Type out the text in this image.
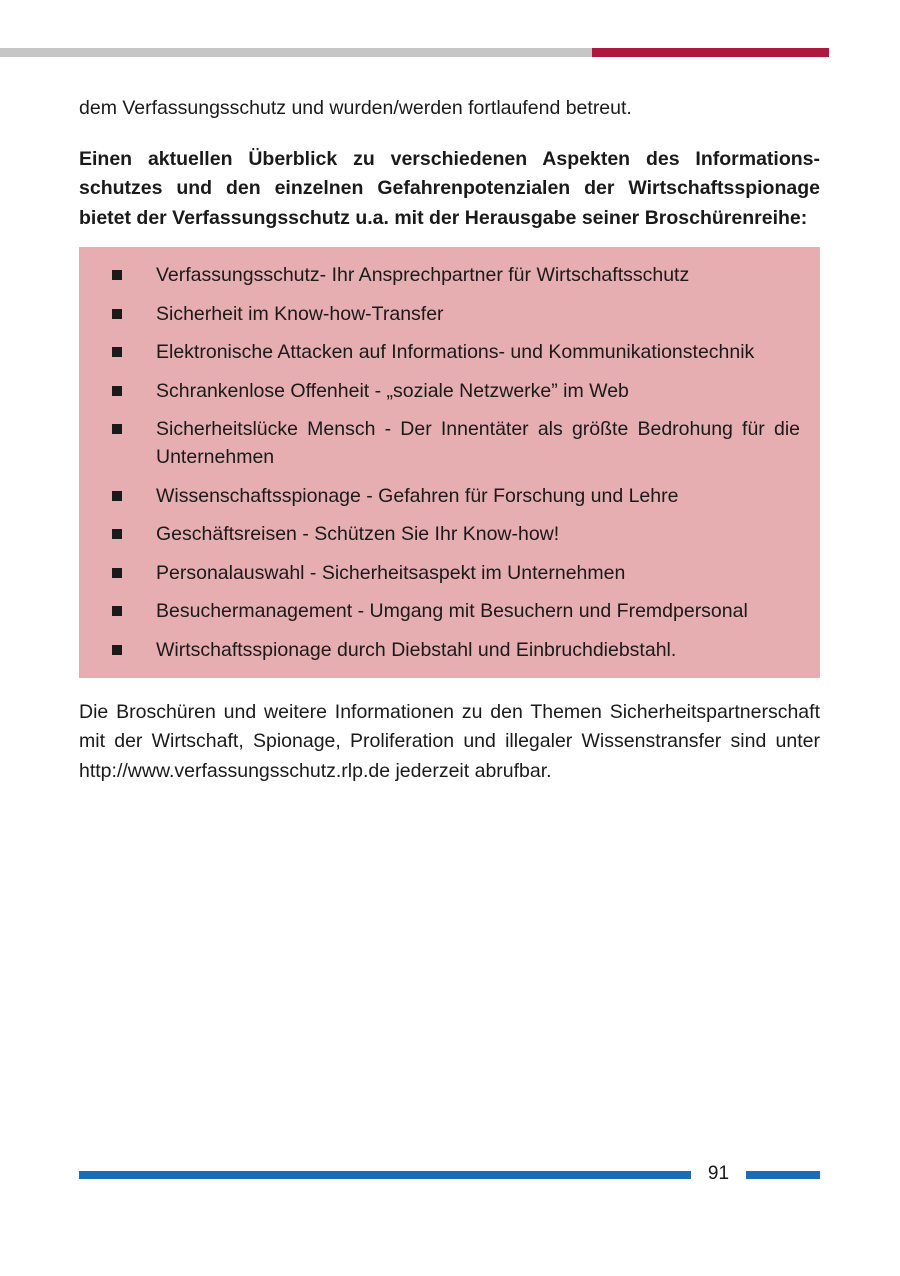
dem Verfassungsschutz und wurden/werden fortlaufend betreut.

Einen aktuellen Überblick zu verschiedenen Aspekten des Informationsschutzes und den einzelnen Gefahrenpotenzialen der Wirtschaftsspionage bietet der Verfassungsschutz u.a. mit der Herausgabe seiner Broschürenreihe:

Verfassungsschutz- Ihr Ansprechpartner für Wirtschaftsschutz
Sicherheit im Know-how-Transfer
Elektronische Attacken auf Informations- und Kommunikationstechnik
Schrankenlose Offenheit - „soziale Netzwerke” im Web
Sicherheitslücke Mensch - Der Innentäter als größte Bedrohung für die Unternehmen
Wissenschaftsspionage - Gefahren für Forschung und Lehre
Geschäftsreisen - Schützen Sie Ihr Know-how!
Personalauswahl - Sicherheitsaspekt im Unternehmen
Besuchermanagement - Umgang mit Besuchern und Fremdpersonal
Wirtschaftsspionage durch Diebstahl und Einbruchdiebstahl.

Die Broschüren und weitere Informationen zu den Themen Sicherheitspartnerschaft mit der Wirtschaft, Spionage, Proliferation und illegaler Wissenstransfer sind unter http://www.verfassungsschutz.rlp.de jederzeit abrufbar.

91
